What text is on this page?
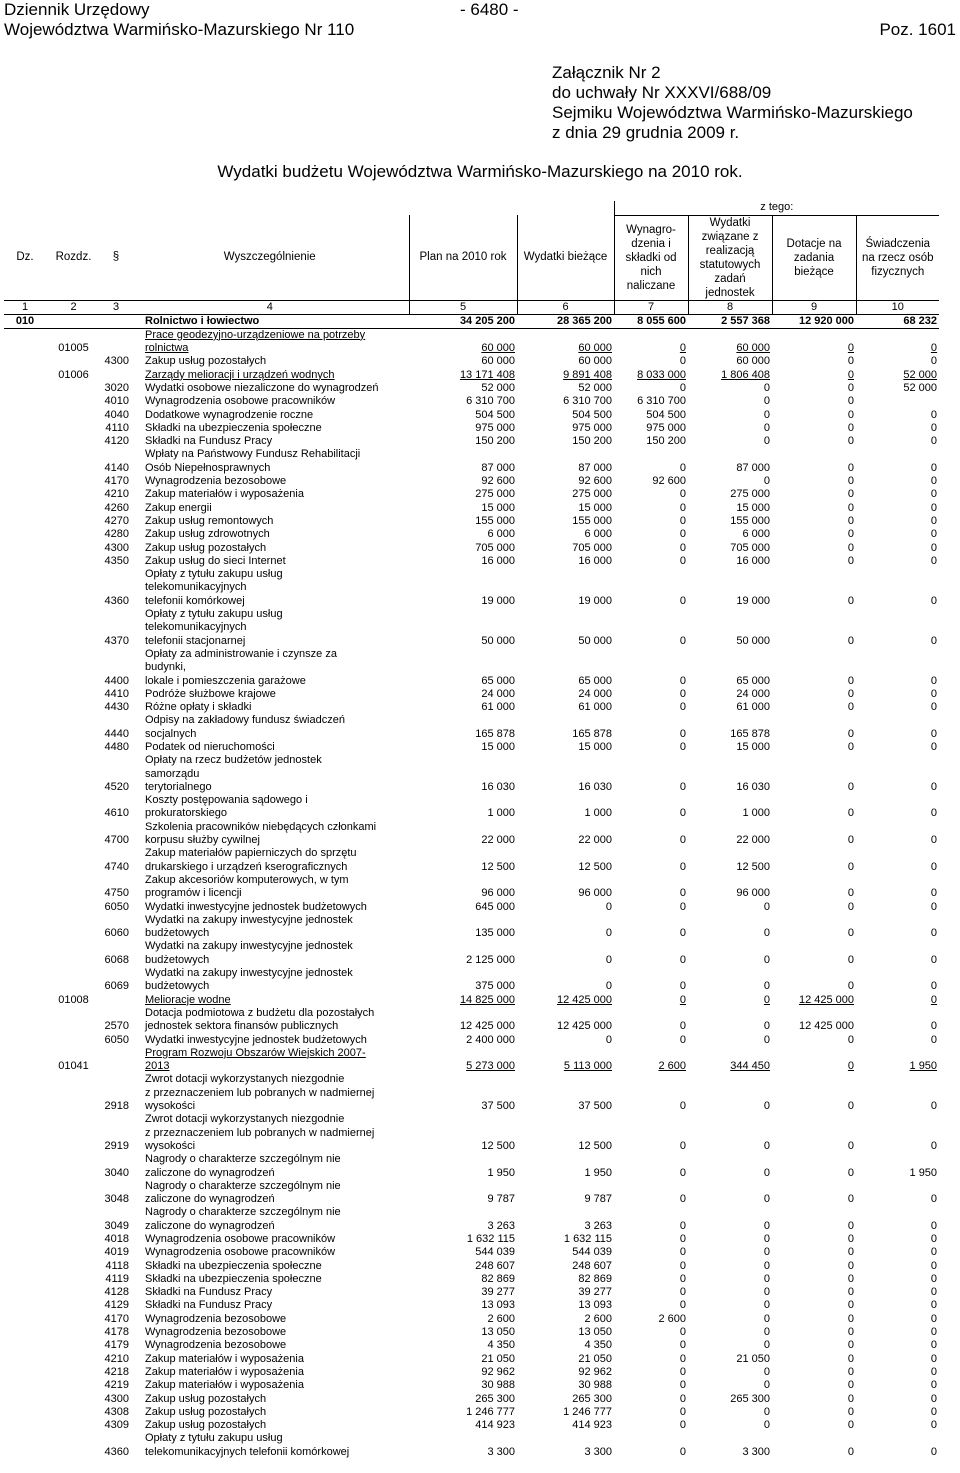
Dziennik Urzędowy
Województwa Warmińsko-Mazurskiego Nr 110
- 6480 -
Poz. 1601
Załącznik Nr 2
do uchwały Nr XXXVI/688/09
Sejmiku Województwa Warmińsko-Mazurskiego
z dnia 29 grudnia 2009 r.
Wydatki budżetu Województwa Warmińsko-Mazurskiego na 2010 rok.
							z tego:			
Dz.	Rozdz.	§	Wyszczególnienie		Plan na 2010 rok	Wydatki bieżące	Wynagro-dzenia i składki od nich naliczane	Wydatki związane z realizacją statutowych zadań jednostek	Dotacje na zadania bieżące	Świadczenia na rzecz osób fizycznych
1	2	3	4		5	6	7	8	9	10
010				Rolnictwo i łowiectwo	34 205 200	28 365 200	8 055 600	2 557 368	12 920 000	68 232
	01005			Prace geodezyjno-urządzeniowe na potrzeby
rolnictwa	60 000	60 000	0	60 000	0	0
		4300		Zakup usług pozostałych	60 000	60 000	0	60 000	0	0
	01006			Zarządy melioracji i urządzeń wodnych	13 171 408	9 891 408	8 033 000	1 806 408	0	52 000
		3020		Wydatki osobowe niezaliczone do wynagrodzeń	52 000	52 000	0	0	0	52 000
		4010		Wynagrodzenia osobowe pracowników	6 310 700	6 310 700	6 310 700	0	0	
		4040		Dodatkowe wynagrodzenie roczne	504 500	504 500	504 500	0	0	0
		4110		Składki na ubezpieczenia społeczne	975 000	975 000	975 000	0	0	0
		4120		Składki na Fundusz Pracy	150 200	150 200	150 200	0	0	0
		4140		Wpłaty na Państwowy Fundusz Rehabilitacji
Osób Niepełnosprawnych	87 000	87 000	0	87 000	0	0
		4170		Wynagrodzenia bezosobowe	92 600	92 600	92 600	0	0	0
		4210		Zakup materiałów i wyposażenia	275 000	275 000	0	275 000	0	0
		4260		Zakup energii	15 000	15 000	0	15 000	0	0
		4270		Zakup usług remontowych	155 000	155 000	0	155 000	0	0
		4280		Zakup usług zdrowotnych	6 000	6 000	0	6 000	0	0
		4300		Zakup usług pozostałych	705 000	705 000	0	705 000	0	0
		4350		Zakup usług do sieci Internet	16 000	16 000	0	16 000	0	0
		4360		Opłaty z tytułu zakupu usług
telekomunikacyjnych
telefonii komórkowej	19 000	19 000	0	19 000	0	0
		4370		Opłaty z tytułu zakupu usług
telekomunikacyjnych
telefonii stacjonarnej	50 000	50 000	0	50 000	0	0
		4400		Opłaty za administrowanie i czynsze za
budynki,
lokale i pomieszczenia garażowe	65 000	65 000	0	65 000	0	0
		4410		Podróże służbowe krajowe	24 000	24 000	0	24 000	0	0
		4430		Różne opłaty i składki	61 000	61 000	0	61 000	0	0
		4440		Odpisy na zakładowy fundusz świadczeń
socjalnych	165 878	165 878	0	165 878	0	0
		4480		Podatek od nieruchomości	15 000	15 000	0	15 000	0	0
		4520		Opłaty na rzecz budżetów jednostek
samorządu
terytorialnego	16 030	16 030	0	16 030	0	0
		4610		Koszty postępowania sądowego i
prokuratorskiego	1 000	1 000	0	1 000	0	0
		4700		Szkolenia pracowników niebędących członkami
korpusu służby cywilnej	22 000	22 000	0	22 000	0	0
		4740		Zakup materiałów papierniczych do sprzętu
drukarskiego i urządzeń kserograficznych	12 500	12 500	0	12 500	0	0
		4750		Zakup akcesoriów komputerowych, w tym
programów i licencji	96 000	96 000	0	96 000	0	0
		6050		Wydatki inwestycyjne jednostek budżetowych	645 000	0	0	0	0	0
		6060		Wydatki na zakupy inwestycyjne jednostek
budżetowych	135 000	0	0	0	0	0
		6068		Wydatki na zakupy inwestycyjne jednostek
budżetowych	2 125 000	0	0	0	0	0
		6069		Wydatki na zakupy inwestycyjne jednostek
budżetowych	375 000	0	0	0	0	0
	01008			Melioracje wodne	14 825 000	12 425 000	0	0	12 425 000	0
		2570		Dotacja podmiotowa z budżetu dla pozostałych
jednostek sektora finansów publicznych	12 425 000	12 425 000	0	0	12 425 000	0
		6050		Wydatki inwestycyjne jednostek budżetowych	2 400 000	0	0	0	0	0
	01041			Program Rozwoju Obszarów Wiejskich 2007-
2013	5 273 000	5 113 000	2 600	344 450	0	1 950
		2918		Zwrot dotacji wykorzystanych niezgodnie
z przeznaczeniem lub pobranych w nadmiernej
wysokości	37 500	37 500	0	0	0	0
		2919		Zwrot dotacji wykorzystanych niezgodnie
z przeznaczeniem lub pobranych w nadmiernej
wysokości	12 500	12 500	0	0	0	0
		3040		Nagrody o charakterze szczególnym nie
zaliczone do wynagrodzeń	1 950	1 950	0	0	0	1 950
		3048		Nagrody o charakterze szczególnym nie
zaliczone do wynagrodzeń	9 787	9 787	0	0	0	0
		3049		Nagrody o charakterze szczególnym nie
zaliczone do wynagrodzeń	3 263	3 263	0	0	0	0
		4018		Wynagrodzenia osobowe pracowników	1 632 115	1 632 115	0	0	0	0
		4019		Wynagrodzenia osobowe pracowników	544 039	544 039	0	0	0	0
		4118		Składki na ubezpieczenia społeczne	248 607	248 607	0	0	0	0
		4119		Składki na ubezpieczenia społeczne	82 869	82 869	0	0	0	0
		4128		Składki na Fundusz Pracy	39 277	39 277	0	0	0	0
		4129		Składki na Fundusz Pracy	13 093	13 093	0	0	0	0
		4170		Wynagrodzenia bezosobowe	2 600	2 600	2 600	0	0	0
		4178		Wynagrodzenia bezosobowe	13 050	13 050	0	0	0	0
		4179		Wynagrodzenia bezosobowe	4 350	4 350	0	0	0	0
		4210		Zakup materiałów i wyposażenia	21 050	21 050	0	21 050	0	0
		4218		Zakup materiałów i wyposażenia	92 962	92 962	0	0	0	0
		4219		Zakup materiałów i wyposażenia	30 988	30 988	0	0	0	0
		4300		Zakup usług pozostałych	265 300	265 300	0	265 300	0	0
		4308		Zakup usług pozostałych	1 246 777	1 246 777	0	0	0	0
		4309		Zakup usług pozostałych	414 923	414 923	0	0	0	0
		4360		Opłaty z tytułu zakupu usług
telekomunikacyjnych telefonii komórkowej	3 300	3 300	0	3 300	0	0
